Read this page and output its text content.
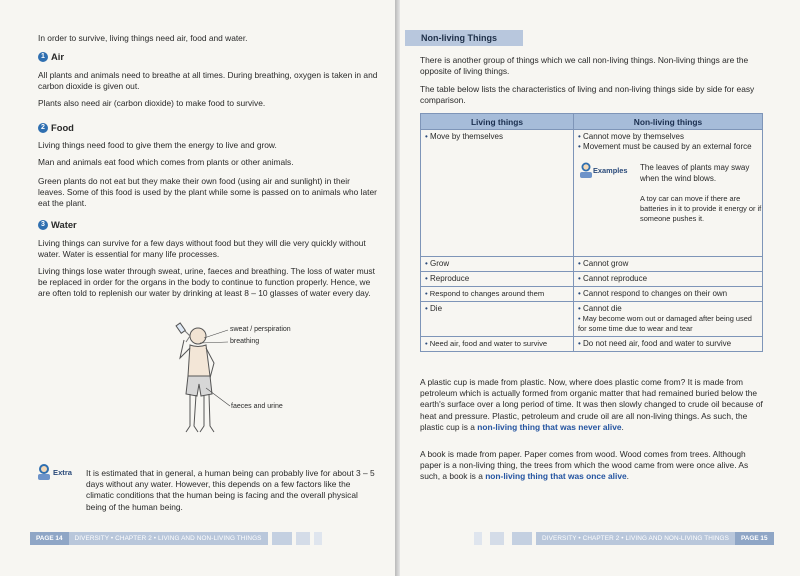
In order to survive, living things need air, food and water.

1 Air

All plants and animals need to breathe at all times. During breathing, oxygen is taken in and carbon dioxide is given out.

Plants also need air (carbon dioxide) to make food to survive.

2 Food

Living things need food to give them the energy to live and grow.

Man and animals eat food which comes from plants or other animals.

Green plants do not eat but they make their own food (using air and sunlight) in their leaves. Some of this food is used by the plant while some is passed on to animals who later eat the plant.

3 Water

Living things can survive for a few days without food but they will die very quickly without water. Water is essential for many life processes.

Living things lose water through sweat, urine, faeces and breathing. The loss of water must be replaced in order for the organs in the body to continue to function properly. Hence, we are often told to replenish our water by drinking at least 8 – 10 glasses of water every day.

sweat / perspiration
breathing
faeces and urine
Extra It is estimated that in general, a human being can probably live for about 3 – 5 days without any water. However, this depends on a few factors like the climatic conditions that the human being is facing and the overall physical being of the human being.

PAGE 14	DIVERSITY • CHAPTER 2 • LIVING AND NON-LIVING THINGS
Non-living Things

There is another group of things which we call non-living things. Non-living things are the opposite of living things.

The table below lists the characteristics of living and non-living things side by side for easy comparison.

Living things	Non-living things
• Move by themselves	• Cannot move by themselves
• Movement must be caused by an external force
Examples The leaves of plants may sway when the wind blows.
A toy car can move if there are batteries in it to provide it energy or if someone pushes it.

• Grow	• Cannot grow
• Reproduce	• Cannot reproduce
• Respond to changes around them	• Cannot respond to changes on their own
• Die	• Cannot die
• May become worn out or damaged after being used for some time due to wear and tear

• Need air, food and water to survive	• Do not need air, food and water to survive

A plastic cup is made from plastic. Now, where does plastic come from? It is made from petroleum which is actually formed from organic matter that had remained buried below the earth's surface over a long period of time. It was then slowly changed to crude oil because of heat and pressure. Plastic, petroleum and crude oil are all non-living things. As such, the plastic cup is a non-living thing that was never alive.

A book is made from paper. Paper comes from wood. Wood comes from trees. Although paper is a non-living thing, the trees from which the wood came from were once alive. As such, a book is a non-living thing that was once alive.

DIVERSITY • CHAPTER 2 • LIVING AND NON-LIVING THINGS	PAGE 15
